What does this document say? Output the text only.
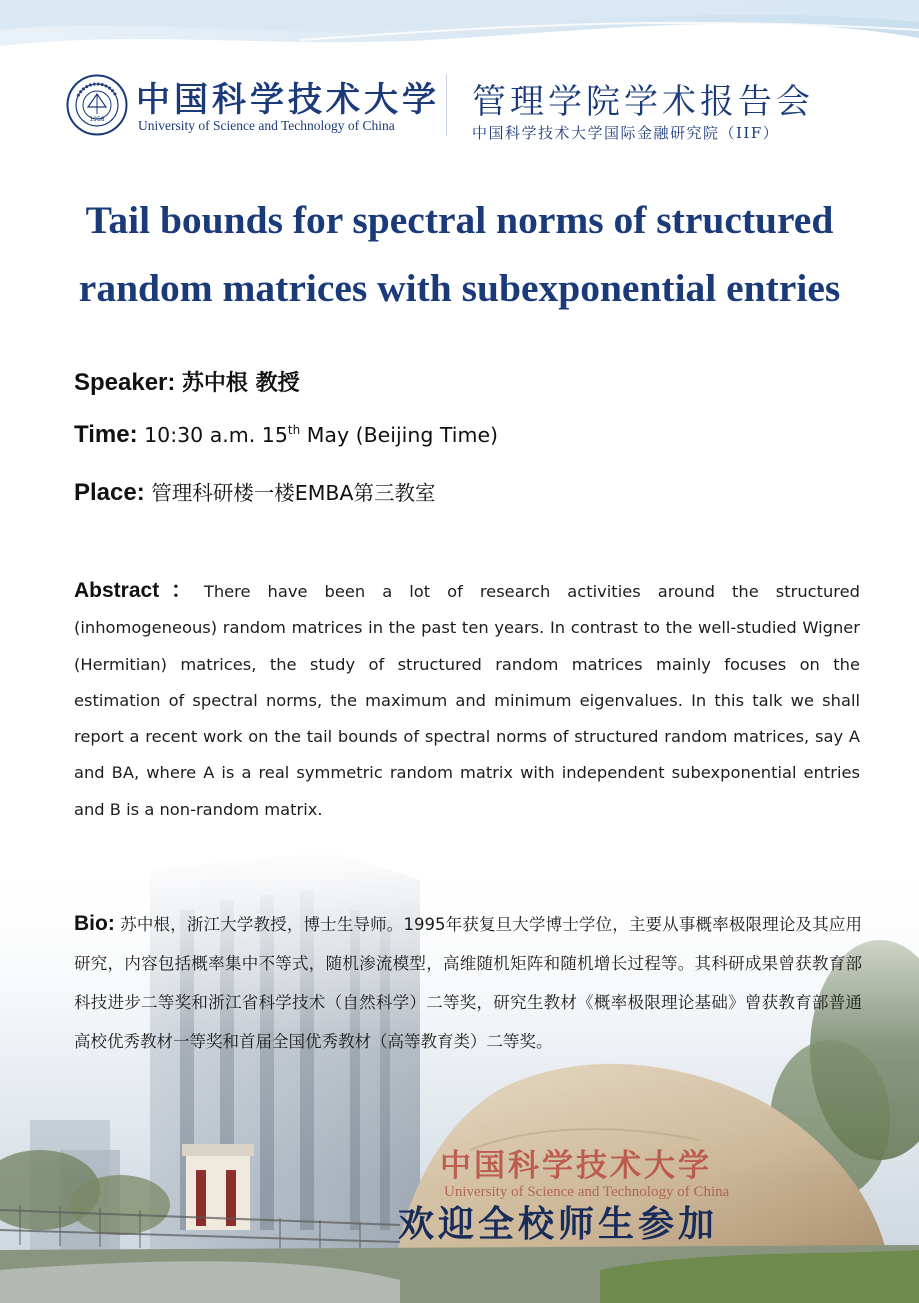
1958 中国科学技术大学
University of Science and Technology of China
管理学院学术报告会
中国科学技术大学国际金融研究院（IIF）
Tail bounds for spectral norms of structured random matrices with subexponential entries
Speaker: 苏中根 教授
Time: 10:30 a.m. 15th May (Beijing Time)
Place: 管理科研楼一楼EMBA第三教室
Abstract：There have been a lot of research activities around the structured (inhomogeneous) random matrices in the past ten years. In contrast to the well-studied Wigner (Hermitian) matrices, the study of structured random matrices mainly focuses on the estimation of spectral norms, the maximum and minimum eigenvalues. In this talk we shall report a recent work on the tail bounds of spectral norms of structured random matrices, say A and BA, where A is a real symmetric random matrix with independent subexponential entries and B is a non-random matrix.
Bio: 苏中根，浙江大学教授，博士生导师。1995年获复旦大学博士学位，主要从事概率极限理论及其应用研究，内容包括概率集中不等式，随机渗流模型，高维随机矩阵和随机增长过程等。其科研成果曾获教育部科技进步二等奖和浙江省科学技术（自然科学）二等奖，研究生教材《概率极限理论基础》曾获教育部普通高校优秀教材一等奖和首届全国优秀教材（高等教育类）二等奖。
中国科学技术大学
University of Science and Technology of China
欢迎全校师生参加
